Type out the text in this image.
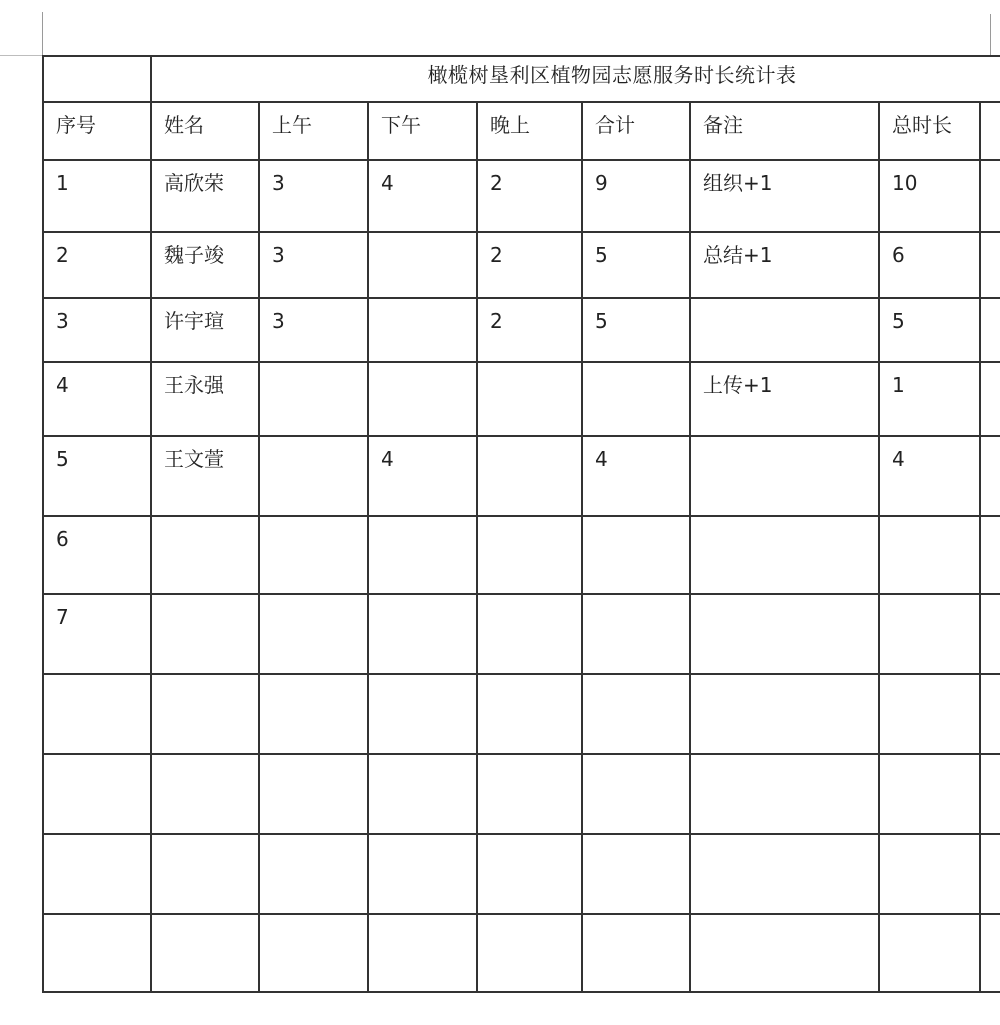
	橄榄树垦利区植物园志愿服务时长统计表							
序号	姓名	上午	下午	晚上	合计	备注	总时长	
1	高欣荣	3	4	2	9	组织+1	10	
2	魏子竣	3		2	5	总结+1	6	
3	许宇瑄	3		2	5		5	
4	王永强					上传+1	1	
5	王文萱		4		4		4	
6								
7								
